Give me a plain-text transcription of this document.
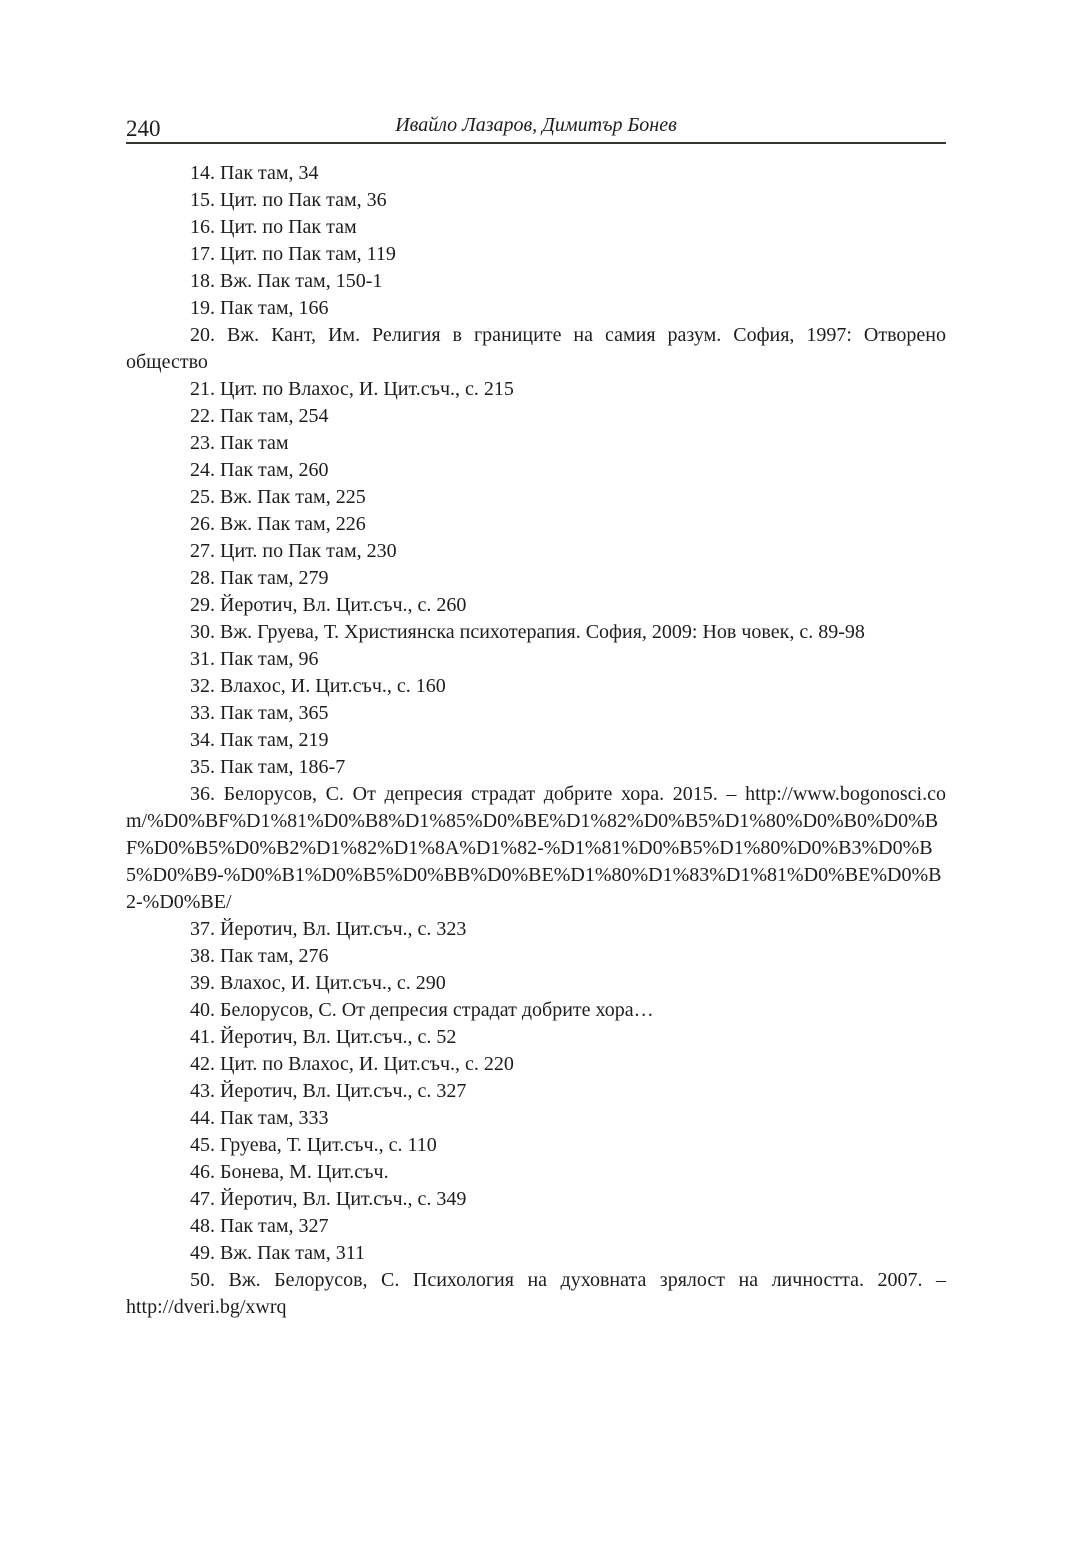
240	Ивайло Лазаров, Димитър Бонев

14. Пак там, 34

15. Цит. по Пак там, 36

16. Цит. по Пак там

17. Цит. по Пак там, 119

18. Вж. Пак там, 150-1

19. Пак там, 166

20. Вж. Кант, Им. Религия в границите на самия разум. София, 1997: Отворено общество

21. Цит. по Влахос, И. Цит.съч., с. 215

22. Пак там, 254

23. Пак там

24. Пак там, 260

25. Вж. Пак там, 225

26. Вж. Пак там, 226

27. Цит. по Пак там, 230

28. Пак там, 279

29. Йеротич, Вл. Цит.съч., с. 260

30. Вж. Груева, Т. Християнска психотерапия. София, 2009: Нов човек, с. 89-98

31. Пак там, 96

32. Влахос, И. Цит.съч., с. 160

33. Пак там, 365

34. Пак там, 219

35. Пак там, 186-7

36. Белорусов, С. От депресия страдат добрите хора. 2015. – http://www.bogonosci.com/%D0%BF%D1%81%D0%B8%D1%85%D0%BE%D1%82%D0%B5%D1%80%D0%B0%D0%BF%D0%B5%D0%B2%D1%82%D1%8A%D1%82-%D1%81%D0%B5%D1%80%D0%B3%D0%B5%D0%B9-%D0%B1%D0%B5%D0%BB%D0%BE%D1%80%D1%83%D1%81%D0%BE%D0%B2-%D0%BE/

37. Йеротич, Вл. Цит.съч., с. 323

38. Пак там, 276

39. Влахос, И. Цит.съч., с. 290

40. Белорусов, С. От депресия страдат добрите хора…

41. Йеротич, Вл. Цит.съч., с. 52

42. Цит. по Влахос, И. Цит.съч., с. 220

43. Йеротич, Вл. Цит.съч., с. 327

44. Пак там, 333

45. Груева, Т. Цит.съч., с. 110

46. Бонева, М. Цит.съч.

47. Йеротич, Вл. Цит.съч., с. 349

48. Пак там, 327

49. Вж. Пак там, 311

50. Вж. Белорусов, С. Психология на духовната зрялост на личността. 2007. – http://dveri.bg/xwrq
